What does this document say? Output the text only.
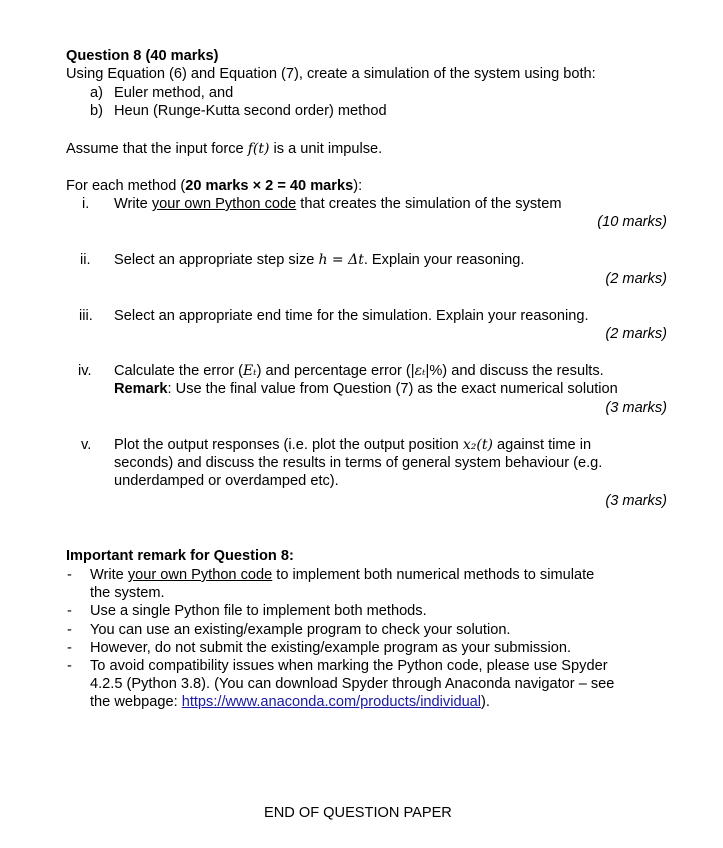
Question 8 (40 marks)
Using Equation (6) and Equation (7), create a simulation of the system using both:
a) Euler method, and
b) Heun (Runge-Kutta second order) method
Assume that the input force f(t) is a unit impulse.
For each method (20 marks × 2 = 40 marks):
i.	Write your own Python code that creates the simulation of the system
(10 marks)
ii.	Select an appropriate step size h = Δt. Explain your reasoning.
(2 marks)
iii.	Select an appropriate end time for the simulation. Explain your reasoning.
(2 marks)
iv.	Calculate the error (Eₜ) and percentage error (|εₜ|%) and discuss the results.
Remark: Use the final value from Question (7) as the exact numerical solution
(3 marks)
v.	Plot the output responses (i.e. plot the output position x₂(t) against time in
seconds) and discuss the results in terms of general system behaviour (e.g.
underdamped or overdamped etc).
(3 marks)
Important remark for Question 8:
- Write your own Python code to implement both numerical methods to simulate
the system.
- Use a single Python file to implement both methods.
- You can use an existing/example program to check your solution.
- However, do not submit the existing/example program as your submission.
- To avoid compatibility issues when marking the Python code, please use Spyder
4.2.5 (Python 3.8). (You can download Spyder through Anaconda navigator – see
the webpage: https://www.anaconda.com/products/individual).
END OF QUESTION PAPER
